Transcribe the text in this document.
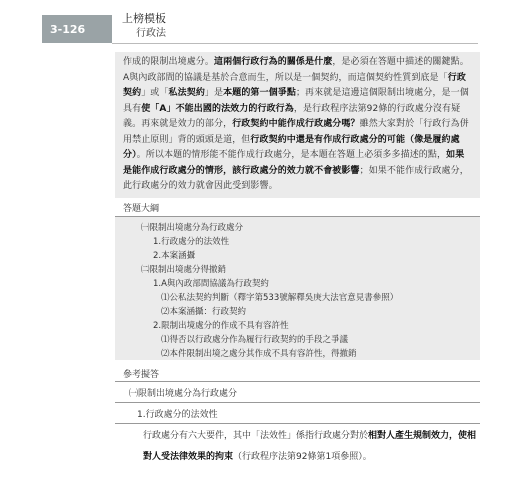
3-126
上榜模板
行政法
作成的限制出境處分。這兩個行政行為的關係是什麼，是必須在答題中描述的關鍵點。A與內政部間的協議是基於合意而生，所以是一個契約，而這個契約性質到底是「行政契約」或「私法契約」是本題的第一個爭點；再來就是這邊這個限制出境處分，是一個具有使「A」不能出國的法效力的行政行為，是行政程序法第92條的行政處分沒有疑義。再來就是效力的部分，行政契約中能作成行政處分嗎？雖然大家對於「行政行為併用禁止原則」背的頭頭是道，但行政契約中還是有作成行政處分的可能（像是履約處分）。所以本題的情形能不能作成行政處分，是本題在答題上必須多多描述的點，如果是能作成行政處分的情形，該行政處分的效力就不會被影響；如果不能作成行政處分，此行政處分的效力就會因此受到影響。
答題大綱
㈠限制出境處分為行政處分
1.行政處分的法效性
2.本案涵攝
㈡限制出境處分得撤銷
1.A與內政部間協議為行政契約
⑴公私法契約判斷（釋字第533號解釋吳庚大法官意見書參照）
⑵本案涵攝：行政契約
2.限制出境處分的作成不具有容許性
⑴得否以行政處分作為履行行政契約的手段之爭議
⑵本件限制出境之處分其作成不具有容許性，得撤銷
參考擬答
㈠限制出境處分為行政處分
1.行政處分的法效性
行政處分有六大要件，其中「法效性」係指行政處分對於相對人產生規制效力，使相對人受法律效果的拘束（行政程序法第92條第1項參照）。
